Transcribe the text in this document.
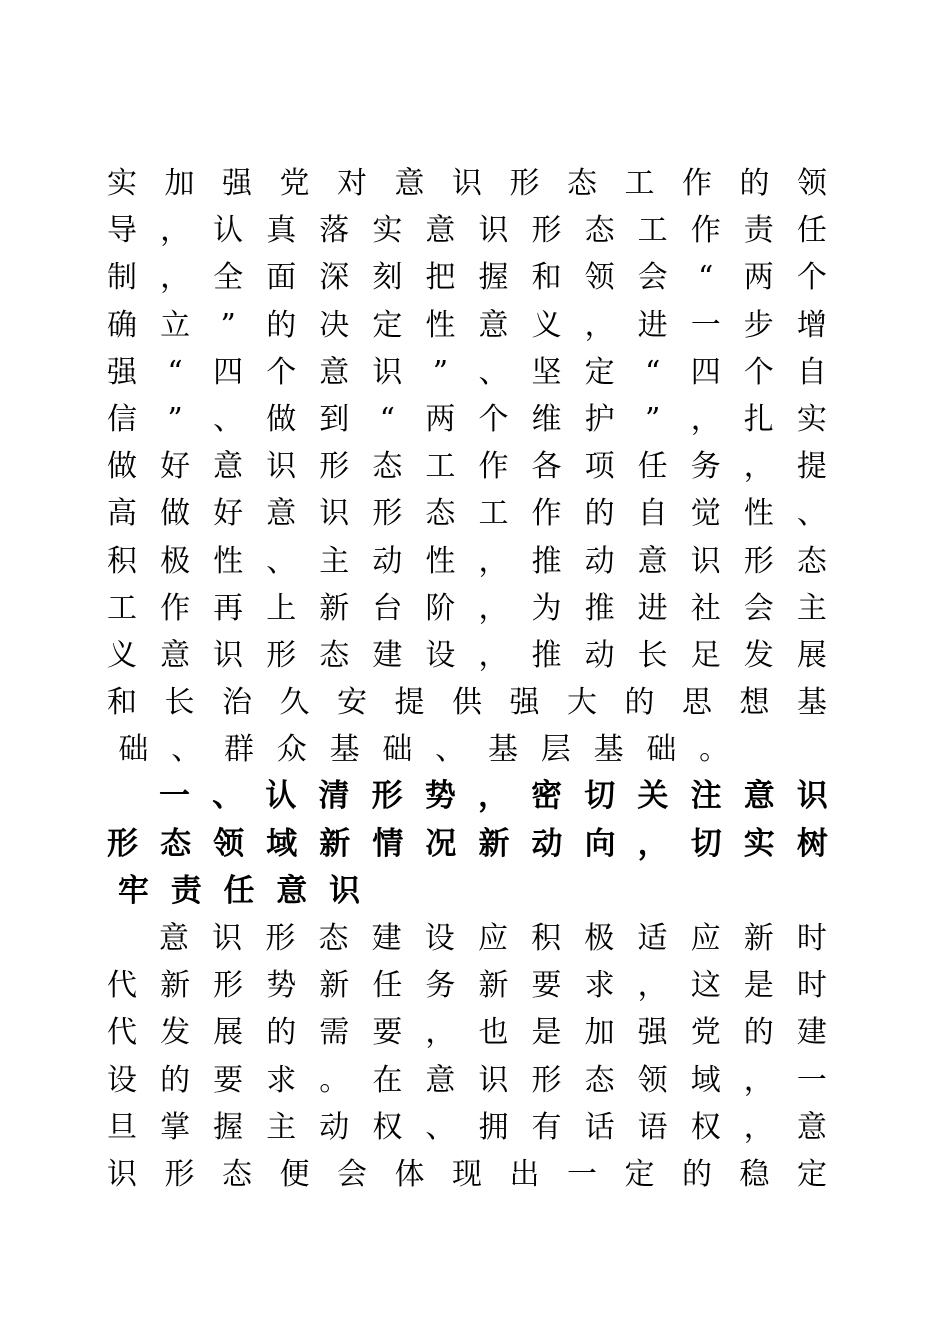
实 加 强 党 对 意 识 形 态 工 作 的 领
导 ， 认 真 落 实 意 识 形 态 工 作 责 任
制 ， 全 面 深 刻 把 握 和 领 会 “ 两 个
确 立 ” 的 决 定 性 意 义 ， 进 一 步 增
强 “ 四 个 意 识 ” 、 坚 定 “ 四 个 自
信 ” 、 做 到 “ 两 个 维 护 ” ， 扎 实
做 好 意 识 形 态 工 作 各 项 任 务 ， 提
高 做 好 意 识 形 态 工 作 的 自 觉 性 、
积 极 性 、 主 动 性 ， 推 动 意 识 形 态
工 作 再 上 新 台 阶 ， 为 推 进 社 会 主
义 意 识 形 态 建 设 ， 推 动 长 足 发 展
和 长 治 久 安 提 供 强 大 的 思 想 基
础 、 群 众 基 础 、 基 层 基 础 。
一 、 认 清 形 势 ， 密 切 关 注 意 识
形 态 领 域 新 情 况 新 动 向 ， 切 实 树
牢 责 任 意 识
意 识 形 态 建 设 应 积 极 适 应 新 时
代 新 形 势 新 任 务 新 要 求 ， 这 是 时
代 发 展 的 需 要 ， 也 是 加 强 党 的 建
设 的 要 求 。 在 意 识 形 态 领 域 ， 一
旦 掌 握 主 动 权 、 拥 有 话 语 权 ， 意
识 形 态 便 会 体 现 出 一 定 的 稳 定
